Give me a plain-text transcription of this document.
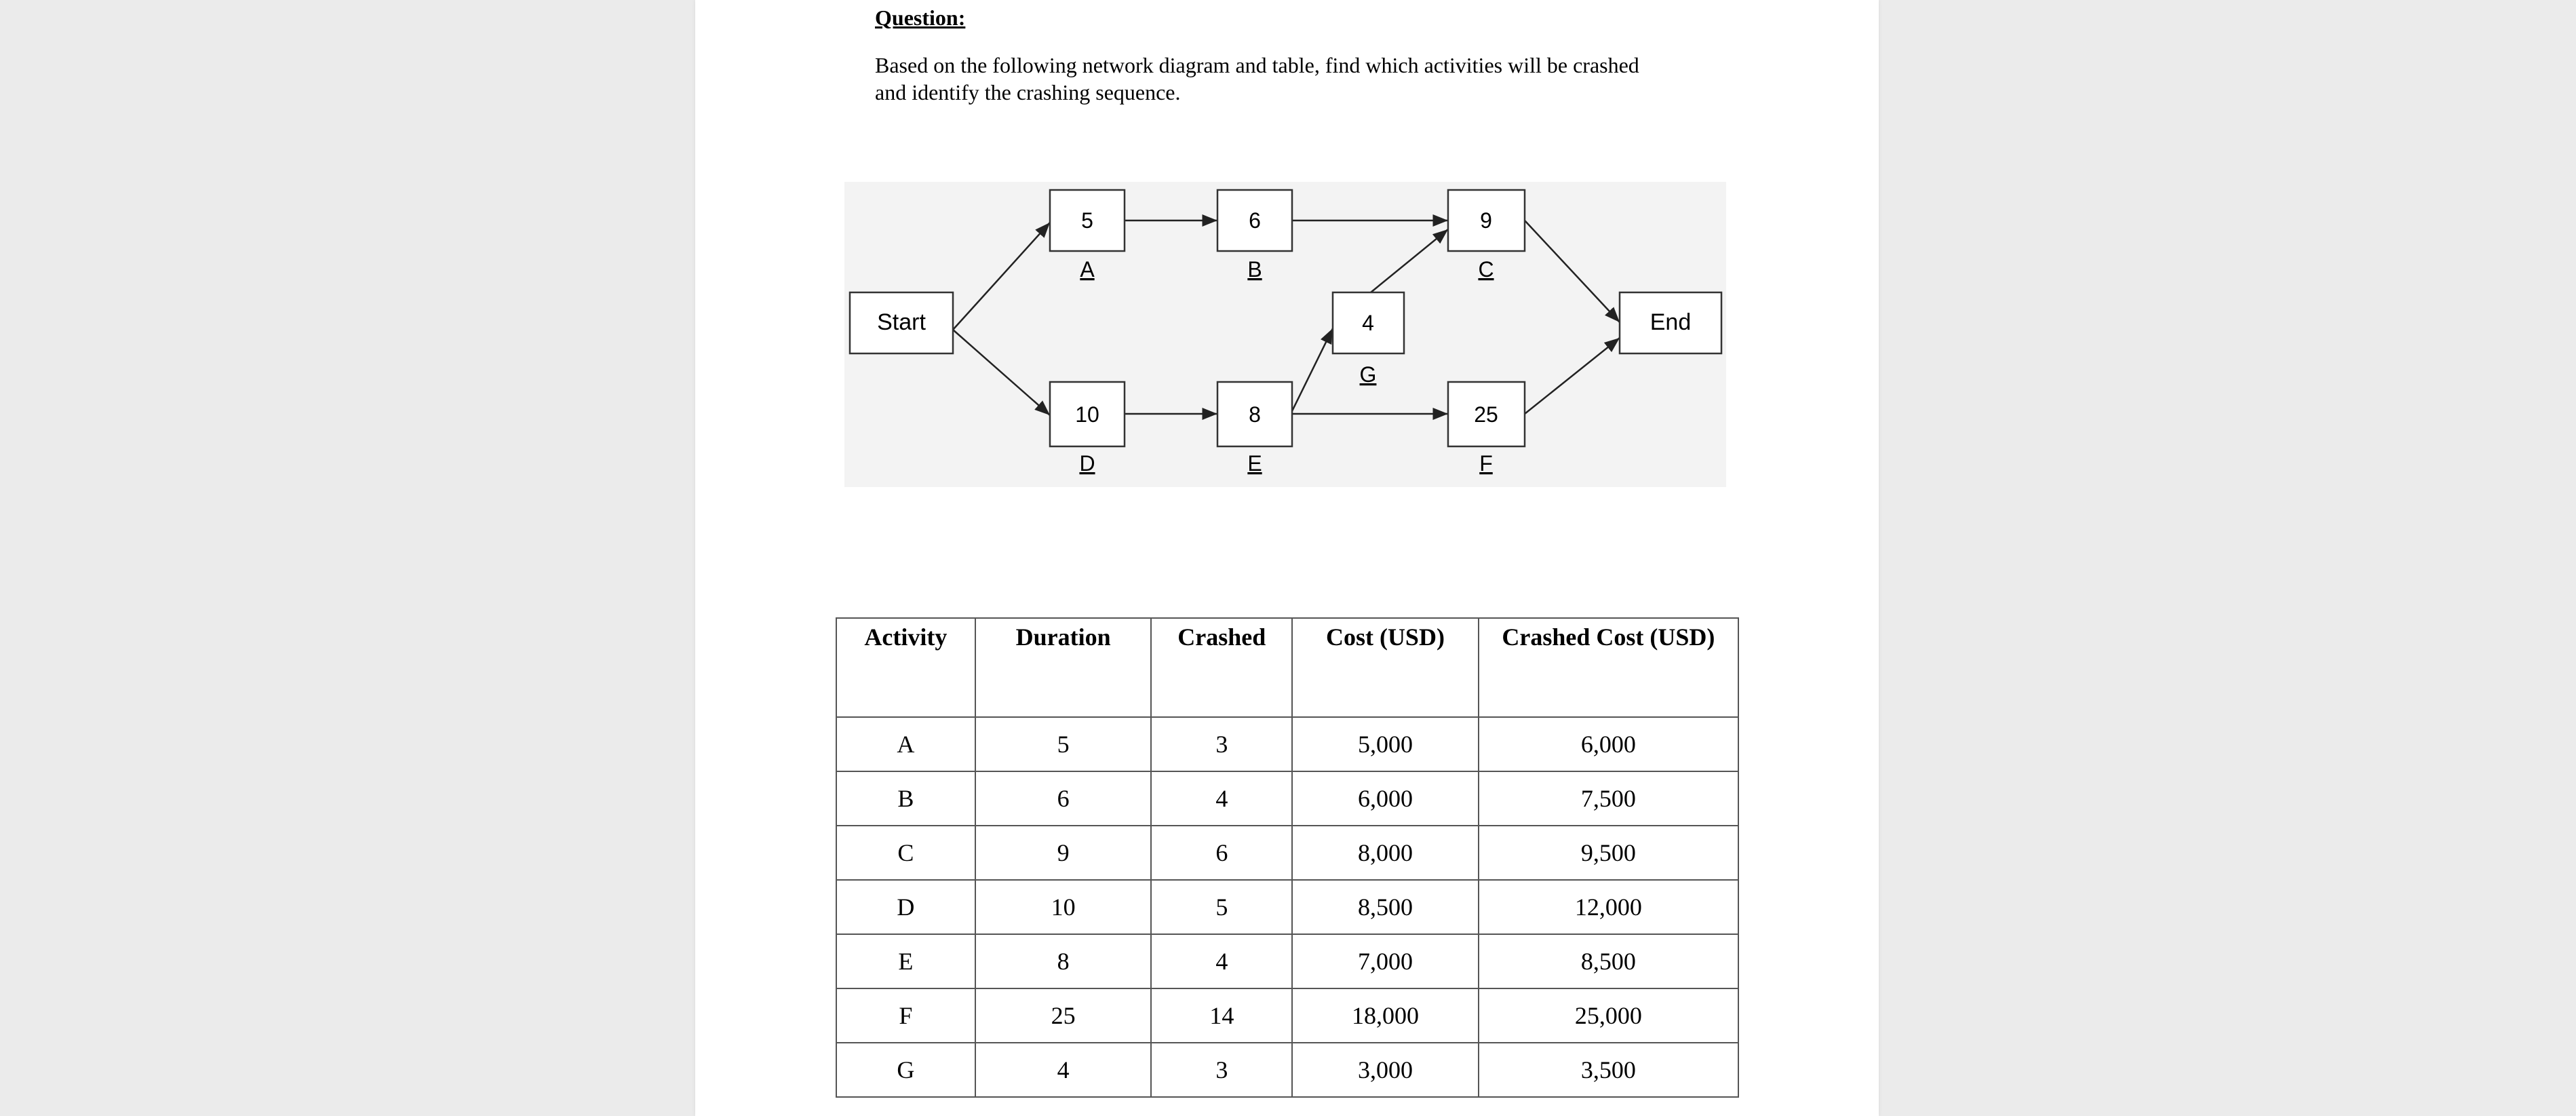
Question:
Based on the following network diagram and table, find which activities will be crashed and identify the crashing sequence.
Start	End
5
A
6
B
9
C
4
G
10
D
8
E
25
F
Activity	Duration	Crashed	Cost (USD)	Crashed Cost (USD)
A	5	3	5,000	6,000
B	6	4	6,000	7,500
C	9	6	8,000	9,500
D	10	5	8,500	12,000
E	8	4	7,000	8,500
F	25	14	18,000	25,000
G	4	3	3,000	3,500
